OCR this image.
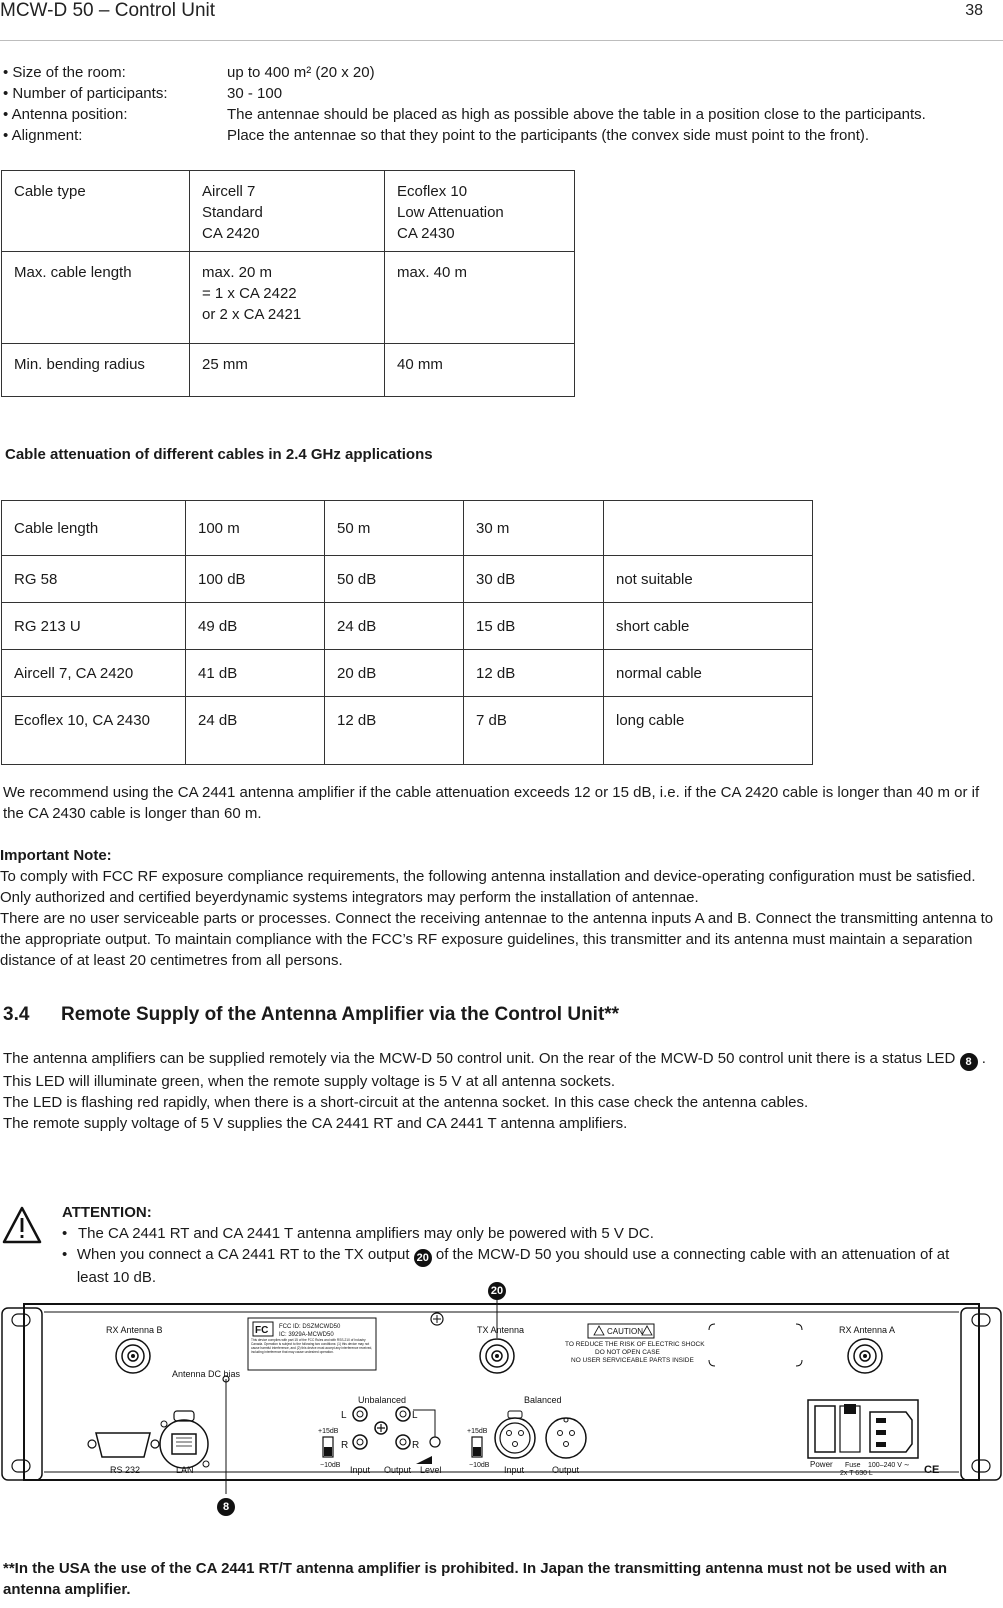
MCW-D 50 – Control Unit	38
• Size of the room:	up to 400 m² (20 x 20)
• Number of participants:	30 - 100
• Antenna position:	The antennae should be placed as high as possible above the table in a position close to the participants.
• Alignment:	Place the antennae so that they point to the participants (the convex side must point to the front).
Cable type	Aircell 7
Standard
CA 2420	Ecoflex 10
Low Attenuation
CA 2430
Max. cable length	max. 20 m
= 1 x CA 2422
or 2 x CA 2421	max. 40 m
Min. bending radius	25 mm	40 mm
Cable attenuation of different cables in 2.4 GHz applications
Cable length	100 m	50 m	30 m	
RG 58	100 dB	50 dB	30 dB	not suitable
RG 213 U	49 dB	24 dB	15 dB	short cable
Aircell 7, CA 2420	41 dB	20 dB	12 dB	normal cable
Ecoflex 10, CA 2430	24 dB	12 dB	7 dB	long cable
We recommend using the CA 2441 antenna amplifier if the cable attenuation exceeds 12 or 15 dB, i.e. if the CA 2420 cable is longer than 40 m or if the CA 2430 cable is longer than 60 m.
Important Note:
To comply with FCC RF exposure compliance requirements, the following antenna installation and device-operating configuration must be satisfied. Only authorized and certified beyerdynamic systems integrators may perform the installation of antennae.
There are no user serviceable parts or processes. Connect the receiving antennae to the antenna inputs A and B. Connect the transmitting antenna to the appropriate output. To maintain compliance with the FCC’s RF exposure guidelines, this transmitter and its antenna must maintain a separation distance of at least 20 centimetres from all persons.
3.4 Remote Supply of the Antenna Amplifier via the Control Unit**
The antenna amplifiers can be supplied remotely via the MCW-D 50 control unit. On the rear of the MCW-D 50 control unit there is a status LED 8 .
This LED will illuminate green, when the remote supply voltage is 5 V at all antenna sockets.
The LED is flashing red rapidly, when there is a short-circuit at the antenna socket. In this case check the antenna cables.
The remote supply voltage of 5 V supplies the CA 2441 RT and CA 2441 T antenna amplifiers.
ATTENTION:
• The CA 2441 RT and CA 2441 T antenna amplifiers may only be powered with 5 V DC.
• When you connect a CA 2441 RT to the TX output 20 of the MCW-D 50 you should use a connecting cable with an attenuation of at least 10 dB.
RX Antenna B	TX Antenna	RX Antenna A
Antenna DC bias
Unbalanced	Balanced
RS 232	LAN	Input Output Level	Input	Output
+15dB
−10dB
+15dB
−10dB
L
R
L
R
Power Fuse 100–240 V ∼
2x T 630 L	CE
FC FCC ID: DSZMCWD50
IC: 3929A-MCWD50
This device complies with part 15 of the FCC Rules and with RSS-210 of Industry Canada. Operation is subject to the following two conditions: (1) this device may not cause harmful interference, and (2) this device must accept any interference received, including interference that may cause undesired operation.
CAUTION
TO REDUCE THE RISK OF ELECTRIC SHOCK
DO NOT OPEN CASE
NO USER SERVICEABLE PARTS INSIDE
20
8
**In the USA the use of the CA 2441 RT/T antenna amplifier is prohibited. In Japan the transmitting antenna must not be used with an antenna amplifier.
